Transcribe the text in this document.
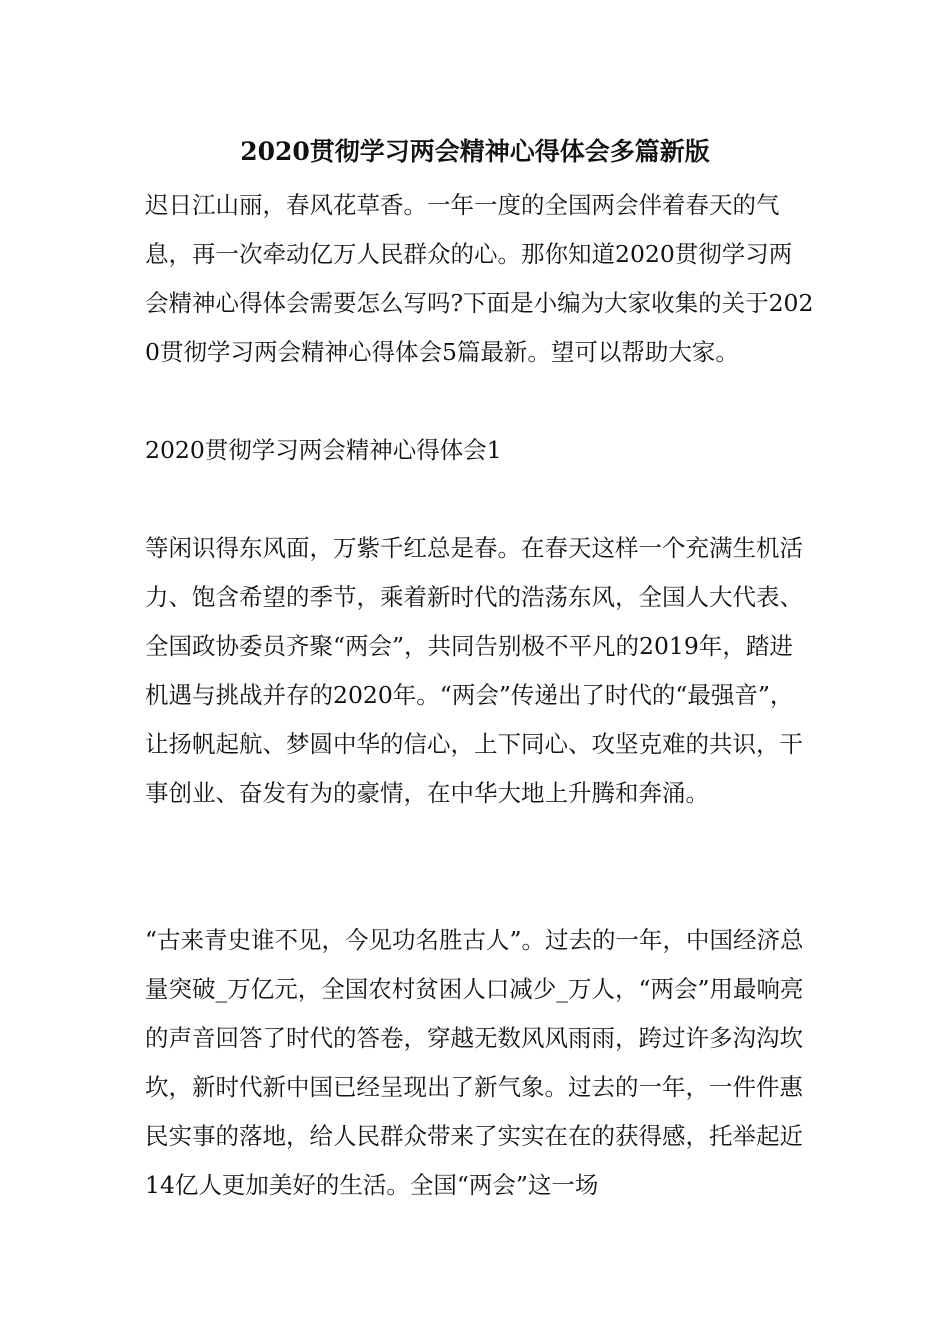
2020贯彻学习两会精神心得体会多篇新版

迟日江山丽，春风花草香。一年一度的全国两会伴着春天的气息，再一次牵动亿万人民群众的心。那你知道2020贯彻学习两会精神心得体会需要怎么写吗?下面是小编为大家收集的关于2020贯彻学习两会精神心得体会5篇最新。望可以帮助大家。

2020贯彻学习两会精神心得体会1

等闲识得东风面，万紫千红总是春。在春天这样一个充满生机活力、饱含希望的季节，乘着新时代的浩荡东风，全国人大代表、全国政协委员齐聚“两会”，共同告别极不平凡的2019年，踏进机遇与挑战并存的2020年。“两会”传递出了时代的“最强音”，让扬帆起航、梦圆中华的信心，上下同心、攻坚克难的共识，干事创业、奋发有为的豪情，在中华大地上升腾和奔涌。

“古来青史谁不见，今见功名胜古人”。过去的一年，中国经济总量突破_万亿元，全国农村贫困人口减少_万人，“两会”用最响亮的声音回答了时代的答卷，穿越无数风风雨雨，跨过许多沟沟坎坎，新时代新中国已经呈现出了新气象。过去的一年，一件件惠民实事的落地，给人民群众带来了实实在在的获得感，托举起近14亿人更加美好的生活。全国“两会”这一场
